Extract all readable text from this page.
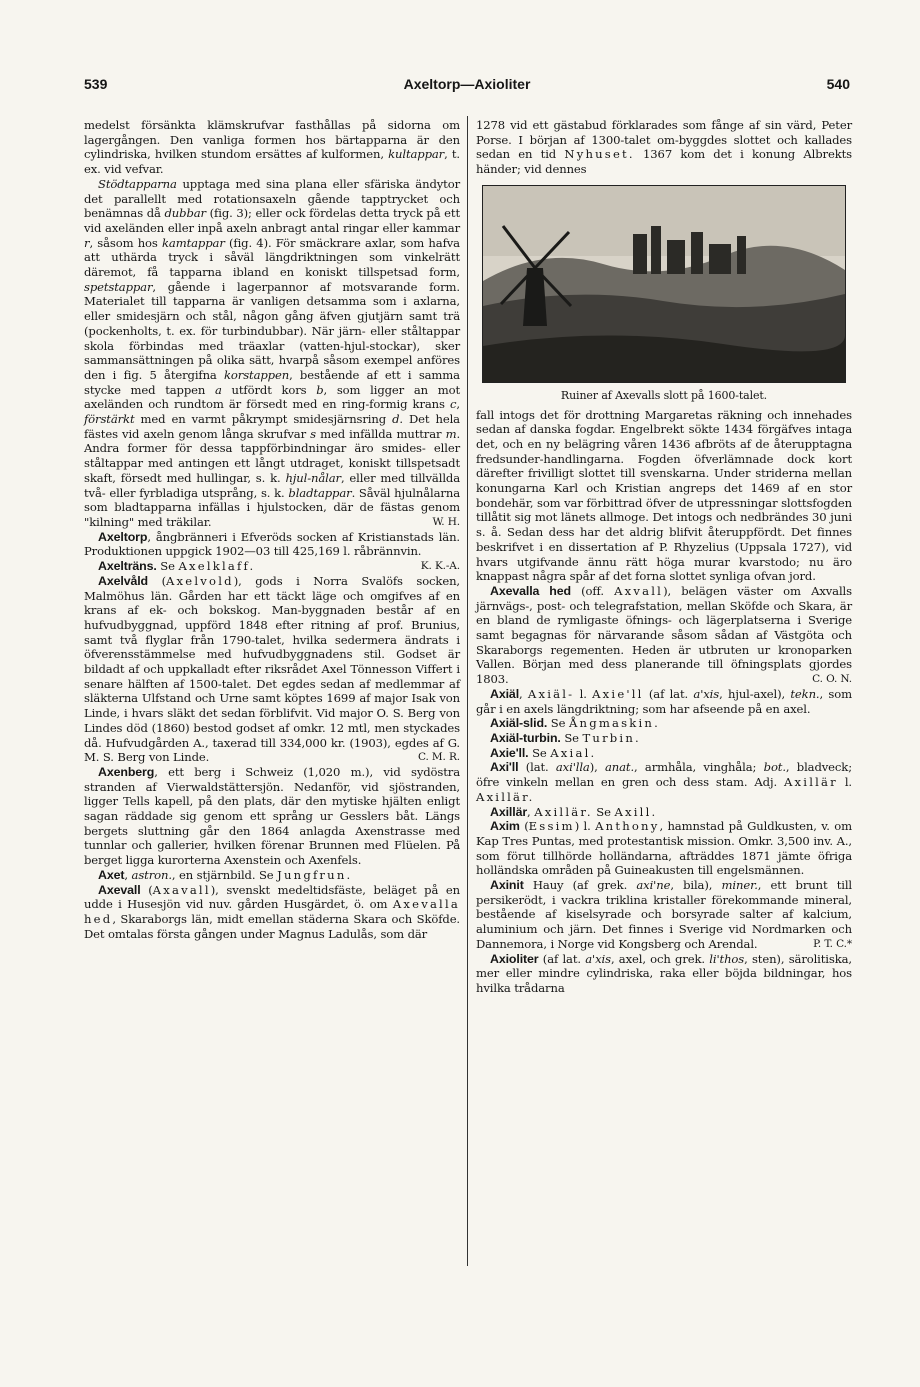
539	Axeltorp—Axioliter	540

medelst försänkta klämskrufvar fasthållas på sidorna om lagergången. Den vanliga formen hos bärtapparna är den cylindriska, hvilken stundom ersättes af kulformen, kultappar, t. ex. vid vefvar.

Stödtapparna upptaga med sina plana eller sfäriska ändytor det parallellt med rotationsaxeln gående tapptrycket och benämnas då dubbar (fig. 3); eller ock fördelas detta tryck på ett vid axeländen eller inpå axeln anbragt antal ringar eller kammar r, såsom hos kamtappar (fig. 4). För smäckrare axlar, som hafva att uthärda tryck i såväl längdriktningen som vinkelrätt däremot, få tapparna ibland en koniskt tillspetsad form, spetstappar, gående i lagerpannor af motsvarande form. Materialet till tapparna är vanligen detsamma som i axlarna, eller smidesjärn och stål, någon gång äfven gjutjärn samt trä (pockenholts, t. ex. för turbindubbar). När järn- eller ståltappar skola förbindas med träaxlar (vatten-hjul-stockar), sker sammansättningen på olika sätt, hvarpå såsom exempel anföres den i fig. 5 återgifna korstappen, bestående af ett i samma stycke med tappen a utfördt kors b, som ligger an mot axeländen och rundtom är försedt med en ring-formig krans c, förstärkt med en varmt påkrympt smidesjärnsring d. Det hela fästes vid axeln genom långa skrufvar s med infällda muttrar m. Andra former för dessa tappförbindningar äro smides- eller ståltappar med antingen ett långt utdraget, koniskt tillspetsadt skaft, försedt med hullingar, s. k. hjul-nålar, eller med tillvällda två- eller fyrbladiga utsprång, s. k. bladtappar. Såväl hjulnålarna som bladtapparna infällas i hjulstocken, där de fästas genom "kilning" med träkilar.	W. H.

Axeltorp, ångbränneri i Efveröds socken af Kristianstads län. Produktionen uppgick 1902—03 till 425,169 l. råbrännvin.
K. K.-A.

Axelträns. Se Axelklaff.

Axelvåld (Axelvold), gods i Norra Svalöfs socken, Malmöhus län. Gården har ett täckt läge och omgifves af en krans af ek- och bokskog. Man-byggnaden består af en hufvudbyggnad, uppförd 1848 efter ritning af prof. Brunius, samt två flyglar från 1790-talet, hvilka sedermera ändrats i öfverensstämmelse med hufvudbyggnadens stil. Godset är bildadt af och uppkalladt efter riksrådet Axel Tönnesson Viffert i senare hälften af 1500-talet. Det egdes sedan af medlemmar af släkterna Ulfstand och Urne samt köptes 1699 af major Isak von Linde, i hvars släkt det sedan förblifvit. Vid major O. S. Berg von Lindes död (1860) bestod godset af omkr. 12 mtl, men styckades då. Hufvudgården A., taxerad till 334,000 kr. (1903), egdes af G. M. S. Berg von Linde.	C. M. R.

Axenberg, ett berg i Schweiz (1,020 m.), vid sydöstra stranden af Vierwaldstättersjön. Nedanför, vid sjöstranden, ligger Tells kapell, på den plats, där den mytiske hjälten enligt sagan räddade sig genom ett språng ur Gesslers båt. Längs bergets sluttning går den 1864 anlagda Axenstrasse med tunnlar och gallerier, hvilken förenar Brunnen med Flüelen. På berget ligga kurorterna Axenstein och Axenfels.

Axet, astron., en stjärnbild. Se Jungfrun.

Axevall (Axavall), svenskt medeltidsfäste, beläget på en udde i Husesjön vid nuv. gården Husgärdet, ö. om Axevalla hed, Skaraborgs län, midt emellan städerna Skara och Sköfde. Det omtalas första gången under Magnus Ladulås, som där

1278 vid ett gästabud förklarades som fånge af sin värd, Peter Porse. I början af 1300-talet om-byggdes slottet och kallades sedan en tid Nyhuset. 1367 kom det i konung Albrekts händer; vid dennes

Ruiner af Axevalls slott på 1600-talet.

fall intogs det för drottning Margaretas räkning och innehades sedan af danska fogdar. Engelbrekt sökte 1434 förgäfves intaga det, och en ny belägring våren 1436 afbröts af de återupptagna fredsunder-handlingarna. Fogden öfverlämnade dock kort därefter frivilligt slottet till svenskarna. Under striderna mellan konungarna Karl och Kristian angreps det 1469 af en stor bondehär, som var förbittrad öfver de utpressningar slottsfogden tillåtit sig mot länets allmoge. Det intogs och nedbrändes 30 juni s. å. Sedan dess har det aldrig blifvit återuppfördt. Det finnes beskrifvet i en dissertation af P. Rhyzelius (Uppsala 1727), vid hvars utgifvande ännu rätt höga murar kvarstodo; nu äro knappast några spår af det forna slottet synliga ofvan jord.

Axevalla hed (off. Axvall), belägen väster om Axvalls järnvägs-, post- och telegrafstation, mellan Sköfde och Skara, är en bland de rymligaste öfnings- och lägerplatserna i Sverige samt begagnas för närvarande såsom sådan af Västgöta och Skaraborgs regementen. Heden är utbruten ur kronoparken Vallen. Början med dess planerande till öfningsplats gjordes 1803.	C. O. N.

Axiäl, Axiäl- l. Axie'll (af lat. a'xis, hjul-axel), tekn., som går i en axels längdriktning; som har afseende på en axel.

Axiäl-slid. Se Ångmaskin.

Axiäl-turbin. Se Turbin.

Axie'll. Se Axial.

Axi'll (lat. axi'lla), anat., armhåla, vinghåla; bot., bladveck; öfre vinkeln mellan en gren och dess stam. Adj. Axillär l. Axillär.

Axillär, Axillär. Se Axill.

Axim (Essim) l. Anthony, hamnstad på Guldkusten, v. om Kap Tres Puntas, med protestantisk mission. Omkr. 3,500 inv. A., som förut tillhörde holländarna, afträddes 1871 jämte öfriga holländska områden på Guineakusten till engelsmännen.

Axinit Hauy (af grek. axi'ne, bila), miner., ett brunt till persikerödt, i vackra triklina kristaller förekommande mineral, bestående af kiselsyrade och borsyrade salter af kalcium, aluminium och järn. Det finnes i Sverige vid Nordmarken och Dannemora, i Norge vid Kongsberg och Arendal.	P. T. C.*

Axioliter (af lat. a'xis, axel, och grek. li'thos, sten), särolitiska, mer eller mindre cylindriska, raka eller böjda bildningar, hos hvilka trådarna
